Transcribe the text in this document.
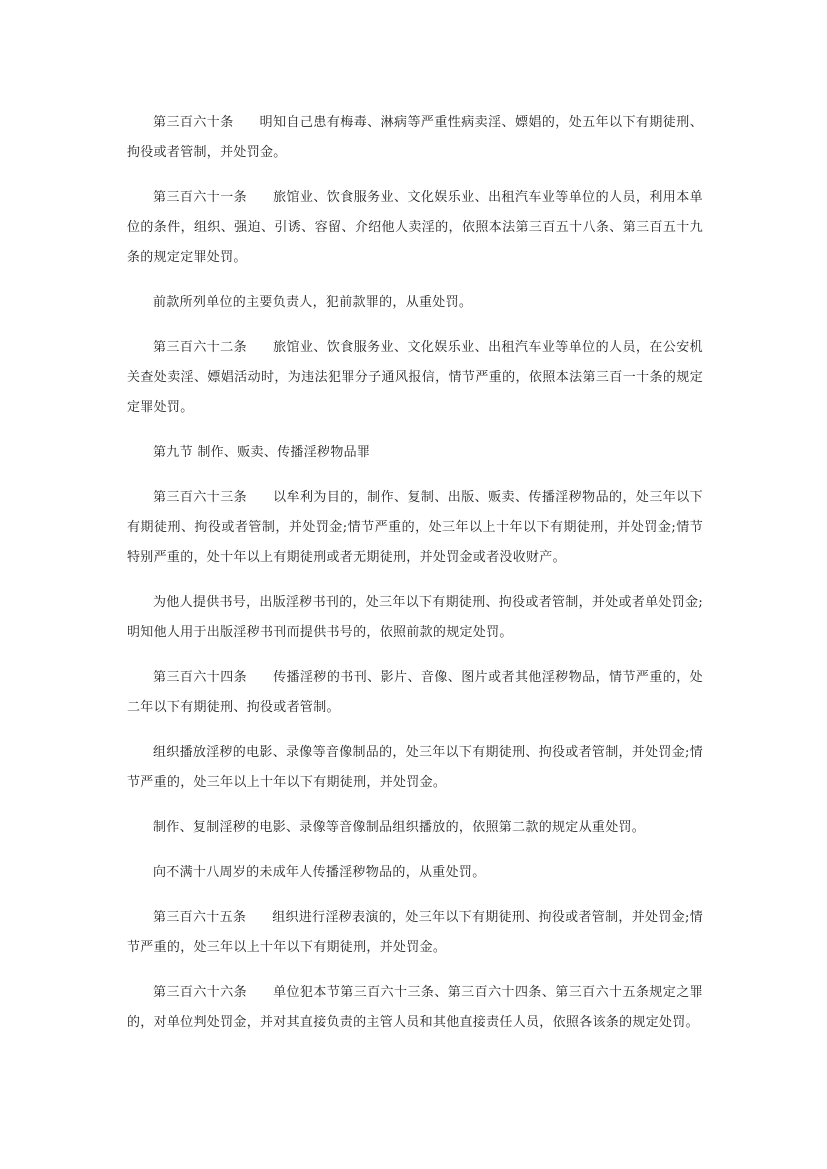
第三百六十条 明知自己患有梅毒、淋病等严重性病卖淫、嫖娼的，处五年以下有期徒刑、拘役或者管制，并处罚金。

第三百六十一条 旅馆业、饮食服务业、文化娱乐业、出租汽车业等单位的人员，利用本单位的条件，组织、强迫、引诱、容留、介绍他人卖淫的，依照本法第三百五十八条、第三百五十九条的规定定罪处罚。

前款所列单位的主要负责人，犯前款罪的，从重处罚。

第三百六十二条 旅馆业、饮食服务业、文化娱乐业、出租汽车业等单位的人员，在公安机关查处卖淫、嫖娼活动时，为违法犯罪分子通风报信，情节严重的，依照本法第三百一十条的规定定罪处罚。

第九节 制作、贩卖、传播淫秽物品罪

第三百六十三条 以牟利为目的，制作、复制、出版、贩卖、传播淫秽物品的，处三年以下有期徒刑、拘役或者管制，并处罚金;情节严重的，处三年以上十年以下有期徒刑，并处罚金;情节特别严重的，处十年以上有期徒刑或者无期徒刑，并处罚金或者没收财产。

为他人提供书号，出版淫秽书刊的，处三年以下有期徒刑、拘役或者管制，并处或者单处罚金;明知他人用于出版淫秽书刊而提供书号的，依照前款的规定处罚。

第三百六十四条 传播淫秽的书刊、影片、音像、图片或者其他淫秽物品，情节严重的，处二年以下有期徒刑、拘役或者管制。

组织播放淫秽的电影、录像等音像制品的，处三年以下有期徒刑、拘役或者管制，并处罚金;情节严重的，处三年以上十年以下有期徒刑，并处罚金。

制作、复制淫秽的电影、录像等音像制品组织播放的，依照第二款的规定从重处罚。

向不满十八周岁的未成年人传播淫秽物品的，从重处罚。

第三百六十五条 组织进行淫秽表演的，处三年以下有期徒刑、拘役或者管制，并处罚金;情节严重的，处三年以上十年以下有期徒刑，并处罚金。

第三百六十六条 单位犯本节第三百六十三条、第三百六十四条、第三百六十五条规定之罪的，对单位判处罚金，并对其直接负责的主管人员和其他直接责任人员，依照各该条的规定处罚。
